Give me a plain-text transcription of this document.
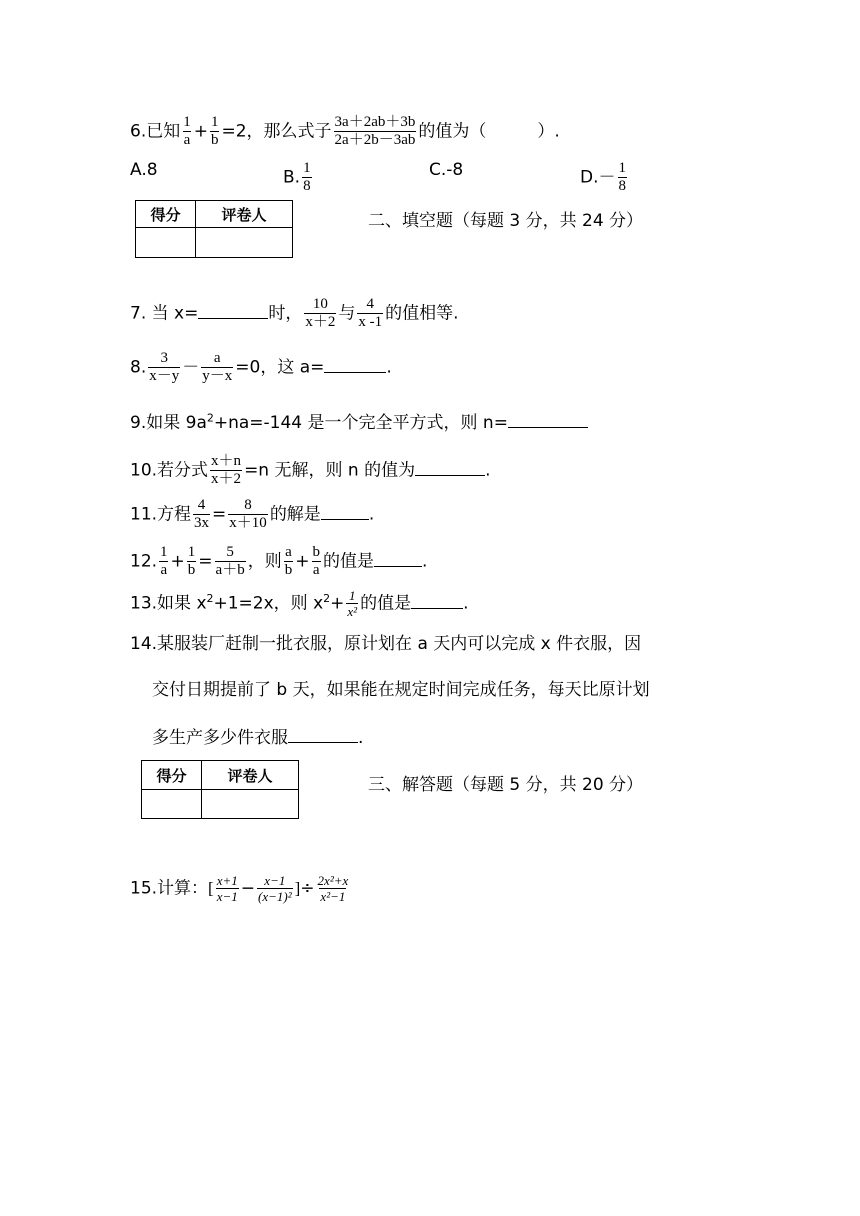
6.已知 $\frac{1}{a} + \frac{1}{b} =2$，那么式子 $\frac{3a+2ab+3b}{2a+2b-3ab}$ 的值为（　　　）.
A.8	B. $\frac{1}{8}$	C.-8	$D.- \frac{1}{8}$
得分	评卷人
		二、填空题（每题 3 分，共 24 分）
7. 当 x=	时， $\frac{10}{x+2}$ 与 $\frac{4}{x -1}$ 的值相等.
8. $\frac{3}{x-y} - \frac{a}{y-x} =0$，这 a=	.
9.如果 $9a^2+na=-144$ 是一个完全平方式，则 n=
10.若分式 $\frac{x+n}{x+2} =n$ 无解，则 n 的值为	.
11.方程 $\frac{4}{3x} = \frac{8}{x+10}$ 的解是	.
12. $\frac{1}{a} + \frac{1}{b} = \frac{5}{a+b}$ ，则 $\frac{a}{b} + \frac{b}{a}$ 的值是	.
13.如果 $x^2+1=2x$，则 $x^2+ \frac{1}{\text{x²}}$ 的值是	.
14.某服装厂赶制一批衣服，原计划在 a 天内可以完成 x 件衣服，因
交付日期提前了 b 天，如果能在规定时间完成任务，每天比原计划
多生产多少件衣服	.
得分	评卷人
		三、解答题（每题 5 分，共 20 分）
15.计算：[ $\frac{x+1}{x-1} - \frac{x-1}{\text{(x−1)²}}$ ]÷ $\frac{\text{2x²+x}}{\text{x²−1}}$
